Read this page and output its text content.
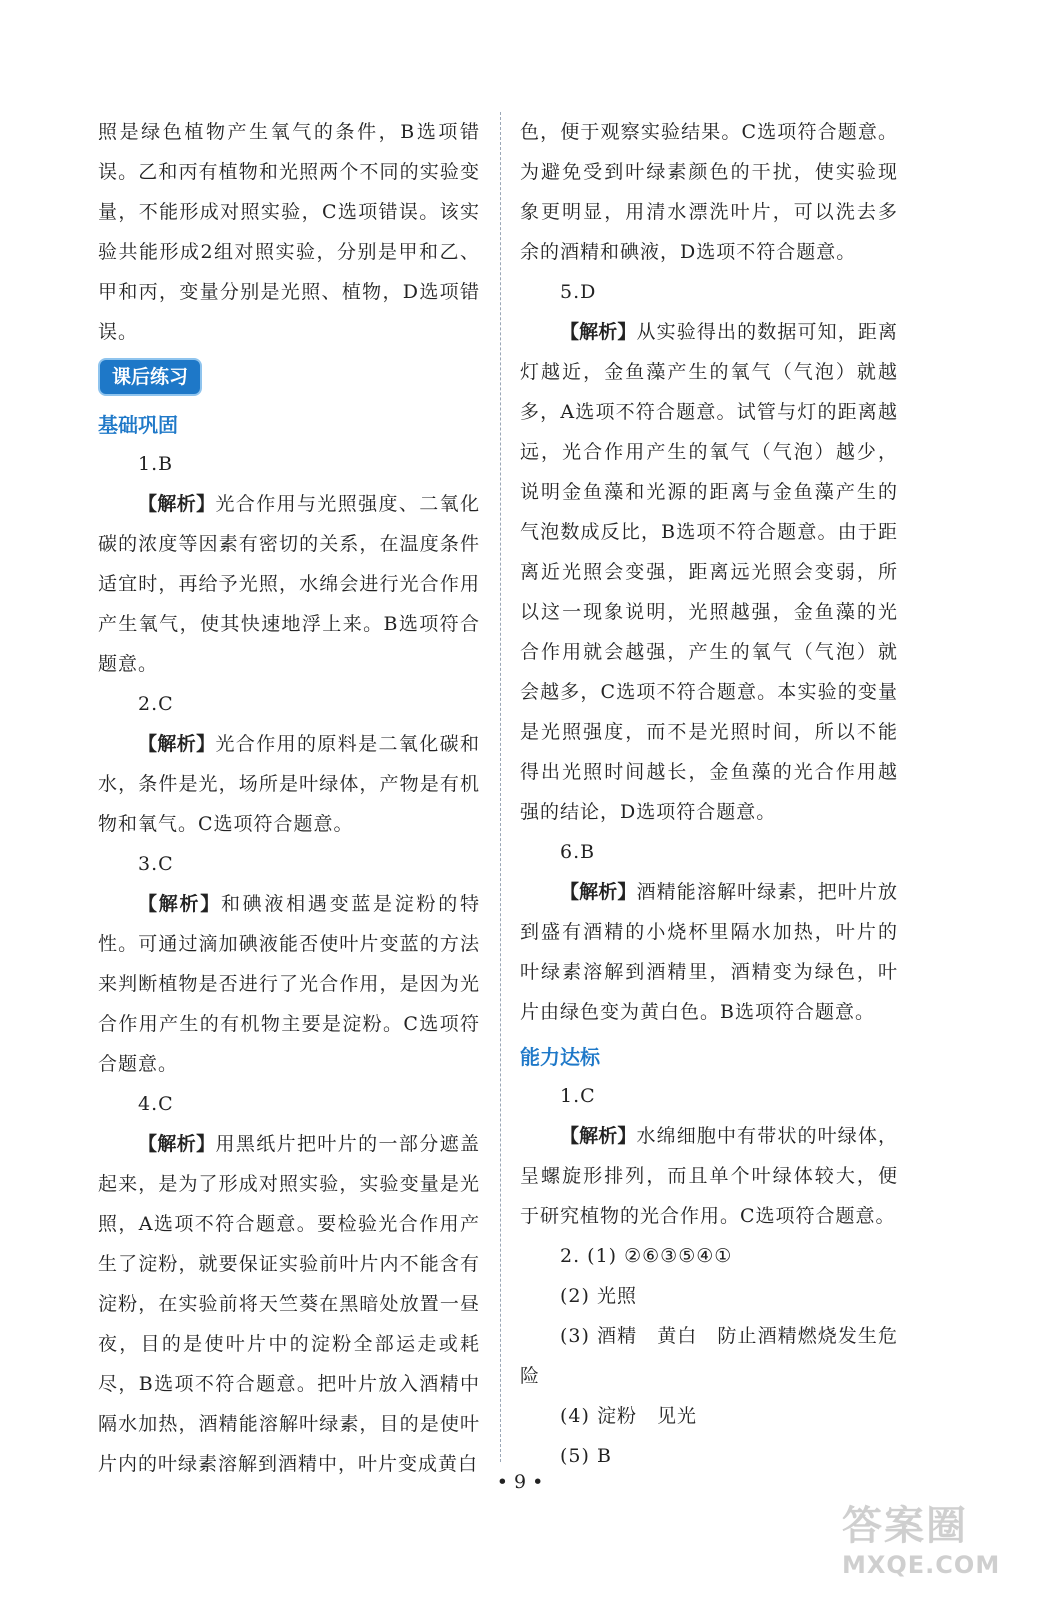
照是绿色植物产生氧气的条件，B选项错误。乙和丙有植物和光照两个不同的实验变量，不能形成对照实验，C选项错误。该实验共能形成2组对照实验，分别是甲和乙、甲和丙，变量分别是光照、植物，D选项错误。

课后练习
基础巩固

1.B

【解析】光合作用与光照强度、二氧化碳的浓度等因素有密切的关系，在温度条件适宜时，再给予光照，水绵会进行光合作用产生氧气，使其快速地浮上来。B选项符合题意。

2.C

【解析】光合作用的原料是二氧化碳和水，条件是光，场所是叶绿体，产物是有机物和氧气。C选项符合题意。

3.C

【解析】和碘液相遇变蓝是淀粉的特性。可通过滴加碘液能否使叶片变蓝的方法来判断植物是否进行了光合作用，是因为光合作用产生的有机物主要是淀粉。C选项符合题意。

4.C

【解析】用黑纸片把叶片的一部分遮盖起来，是为了形成对照实验，实验变量是光照，A选项不符合题意。要检验光合作用产生了淀粉，就要保证实验前叶片内不能含有淀粉，在实验前将天竺葵在黑暗处放置一昼夜，目的是使叶片中的淀粉全部运走或耗尽，B选项不符合题意。把叶片放入酒精中隔水加热，酒精能溶解叶绿素，目的是使叶片内的叶绿素溶解到酒精中，叶片变成黄白

色，便于观察实验结果。C选项符合题意。为避免受到叶绿素颜色的干扰，使实验现象更明显，用清水漂洗叶片，可以洗去多余的酒精和碘液，D选项不符合题意。

5.D

【解析】从实验得出的数据可知，距离灯越近，金鱼藻产生的氧气（气泡）就越多，A选项不符合题意。试管与灯的距离越远，光合作用产生的氧气（气泡）越少，说明金鱼藻和光源的距离与金鱼藻产生的气泡数成反比，B选项不符合题意。由于距离近光照会变强，距离远光照会变弱，所以这一现象说明，光照越强，金鱼藻的光合作用就会越强，产生的氧气（气泡）就会越多，C选项不符合题意。本实验的变量是光照强度，而不是光照时间，所以不能得出光照时间越长，金鱼藻的光合作用越强的结论，D选项符合题意。

6.B

【解析】酒精能溶解叶绿素，把叶片放到盛有酒精的小烧杯里隔水加热，叶片的叶绿素溶解到酒精里，酒精变为绿色，叶片由绿色变为黄白色。B选项符合题意。

能力达标

1.C

【解析】水绵细胞中有带状的叶绿体，呈螺旋形排列，而且单个叶绿体较大，便于研究植物的光合作用。C选项符合题意。

2. (1) ②⑥③⑤④①

(2) 光照

(3) 酒精　黄白　防止酒精燃烧发生危险

(4) 淀粉　见光

(5) B

• 9 •
答案圈
MXQE.COM
